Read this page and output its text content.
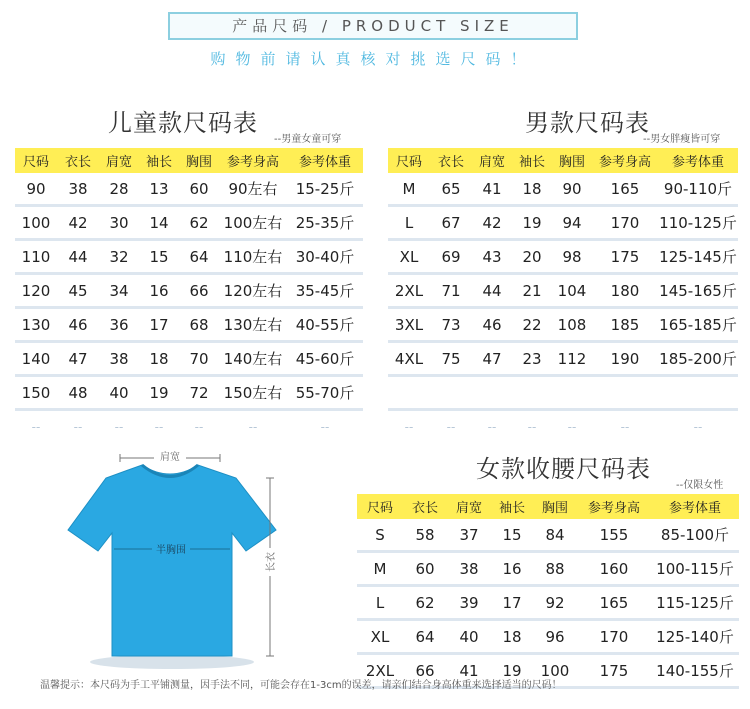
产品尺码 / PRODUCT SIZE
购物前请认真核对挑选尺码！
儿童款尺码表
--男童女童可穿
尺码	衣长	肩宽	袖长	胸围	参考身高	参考体重
90	38	28	13	60	90左右	15-25斤
100	42	30	14	62	100左右	25-35斤
110	44	32	15	64	110左右	30-40斤
120	45	34	16	66	120左右	35-45斤
130	46	36	17	68	130左右	40-55斤
140	47	38	18	70	140左右	45-60斤
150	48	40	19	72	150左右	55-70斤
--	--	--	--	--	--	--
男款尺码表
--男女胖瘦皆可穿
尺码	衣长	肩宽	袖长	胸围	参考身高	参考体重
M	65	41	18	90	165	90-110斤
L	67	42	19	94	170	110-125斤
XL	69	43	20	98	175	125-145斤
2XL	71	44	21	104	180	145-165斤
3XL	73	46	22	108	185	165-185斤
4XL	75	47	23	112	190	185-200斤

--	--	--	--	--	--	--
女款收腰尺码表
--仅限女性
尺码	衣长	肩宽	袖长	胸围	参考身高	参考体重
S	58	37	15	84	155	85-100斤
M	60	38	16	88	160	100-115斤
L	62	39	17	92	165	115-125斤
XL	64	40	18	96	170	125-140斤
2XL	66	41	19	100	175	140-155斤
肩宽
半胸围
长衣
温馨提示：本尺码为手工平铺测量，因手法不同，可能会存在1-3cm的误差，请亲们结合身高体重来选择适当的尺码！
